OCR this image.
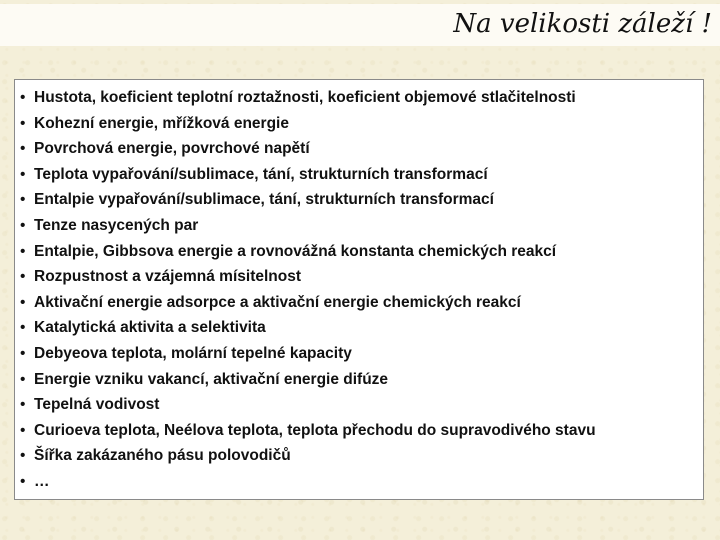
Na velikosti záleží !
• Hustota, koeficient teplotní roztažnosti, koeficient objemové stlačitelnosti
• Kohezní energie, mřížková energie
• Povrchová energie, povrchové napětí
• Teplota vypařování/sublimace, tání, strukturních transformací
• Entalpie vypařování/sublimace, tání, strukturních transformací
• Tenze nasycených par
• Entalpie, Gibbsova energie a rovnovážná konstanta chemických reakcí
• Rozpustnost a vzájemná mísitelnost
• Aktivační energie adsorpce a aktivační energie chemických reakcí
• Katalytická aktivita a selektivita
• Debyeova teplota, molární tepelné kapacity
• Energie vzniku vakancí, aktivační energie difúze
• Tepelná vodivost
• Curioeva teplota, Neélova teplota, teplota přechodu do supravodivého stavu
• Šířka zakázaného pásu polovodičů
• …
